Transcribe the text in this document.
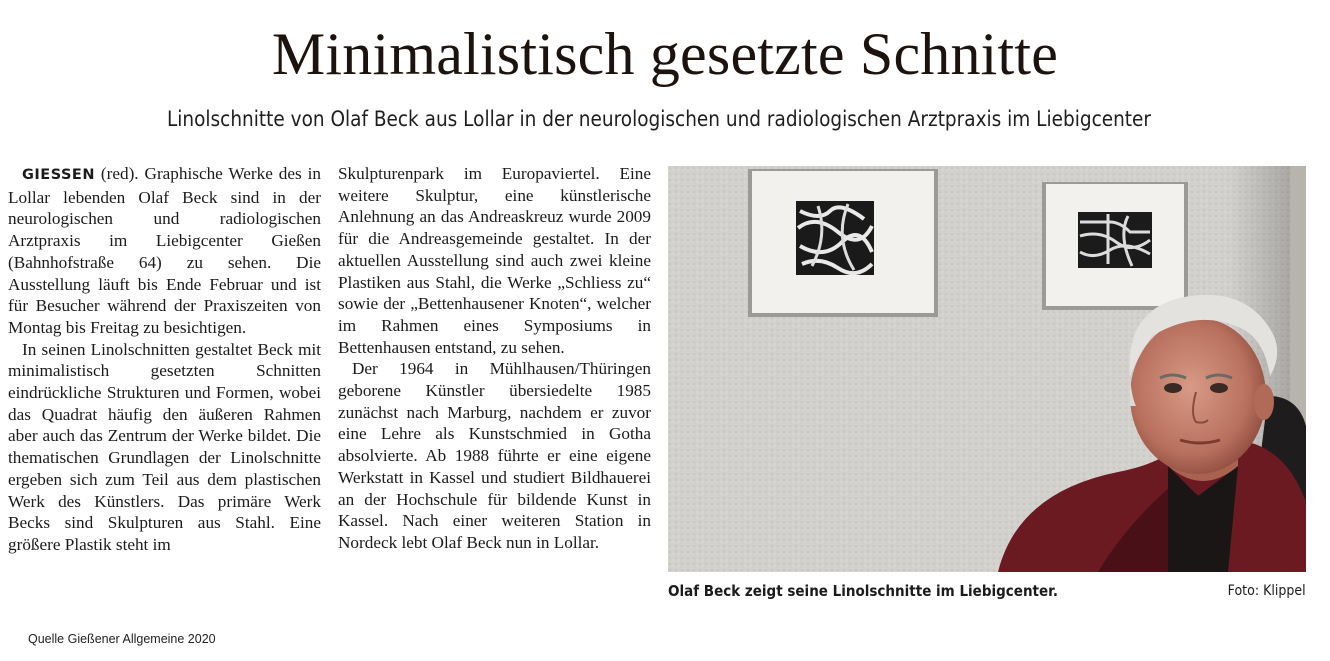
Minimalistisch gesetzte Schnitte
Linolschnitte von Olaf Beck aus Lollar in der neurologischen und radiologischen Arztpraxis im Liebigcenter

GIESSEN (red). Graphische Werke des in Lollar lebenden Olaf Beck sind in der neurologischen und radiologischen Arztpraxis im Liebigcenter Gießen (Bahnhofstraße 64) zu sehen. Die Ausstellung läuft bis Ende Februar und ist für Besucher während der Praxiszeiten von Montag bis Freitag zu besichtigen.

In seinen Linolschnitten gestaltet Beck mit minimalistisch gesetzten Schnitten eindrückliche Strukturen und Formen, wobei das Quadrat häufig den äußeren Rahmen aber auch das Zentrum der Werke bildet. Die thematischen Grundlagen der Linolschnitte ergeben sich zum Teil aus dem plastischen Werk des Künstlers. Das primäre Werk Becks sind Skulpturen aus Stahl. Eine größere Plastik steht im

Skulpturenpark im Europaviertel. Eine weitere Skulptur, eine künstlerische Anlehnung an das Andreaskreuz wurde 2009 für die Andreasgemeinde gestaltet. In der aktuellen Ausstellung sind auch zwei kleine Plastiken aus Stahl, die Werke „Schliess zu“ sowie der „Bettenhausener Knoten“, welcher im Rahmen eines Symposiums in Bettenhausen entstand, zu sehen.

Der 1964 in Mühlhausen/Thüringen geborene Künstler übersiedelte 1985 zunächst nach Marburg, nachdem er zuvor eine Lehre als Kunstschmied in Gotha absolvierte. Ab 1988 führte er eine eigene Werkstatt in Kassel und studiert Bildhauerei an der Hochschule für bildende Kunst in Kassel. Nach einer weiteren Station in Nordeck lebt Olaf Beck nun in Lollar.

Olaf Beck zeigt seine Linolschnitte im Liebigcenter.	Foto: Klippel
Quelle Gießener Allgemeine 2020
